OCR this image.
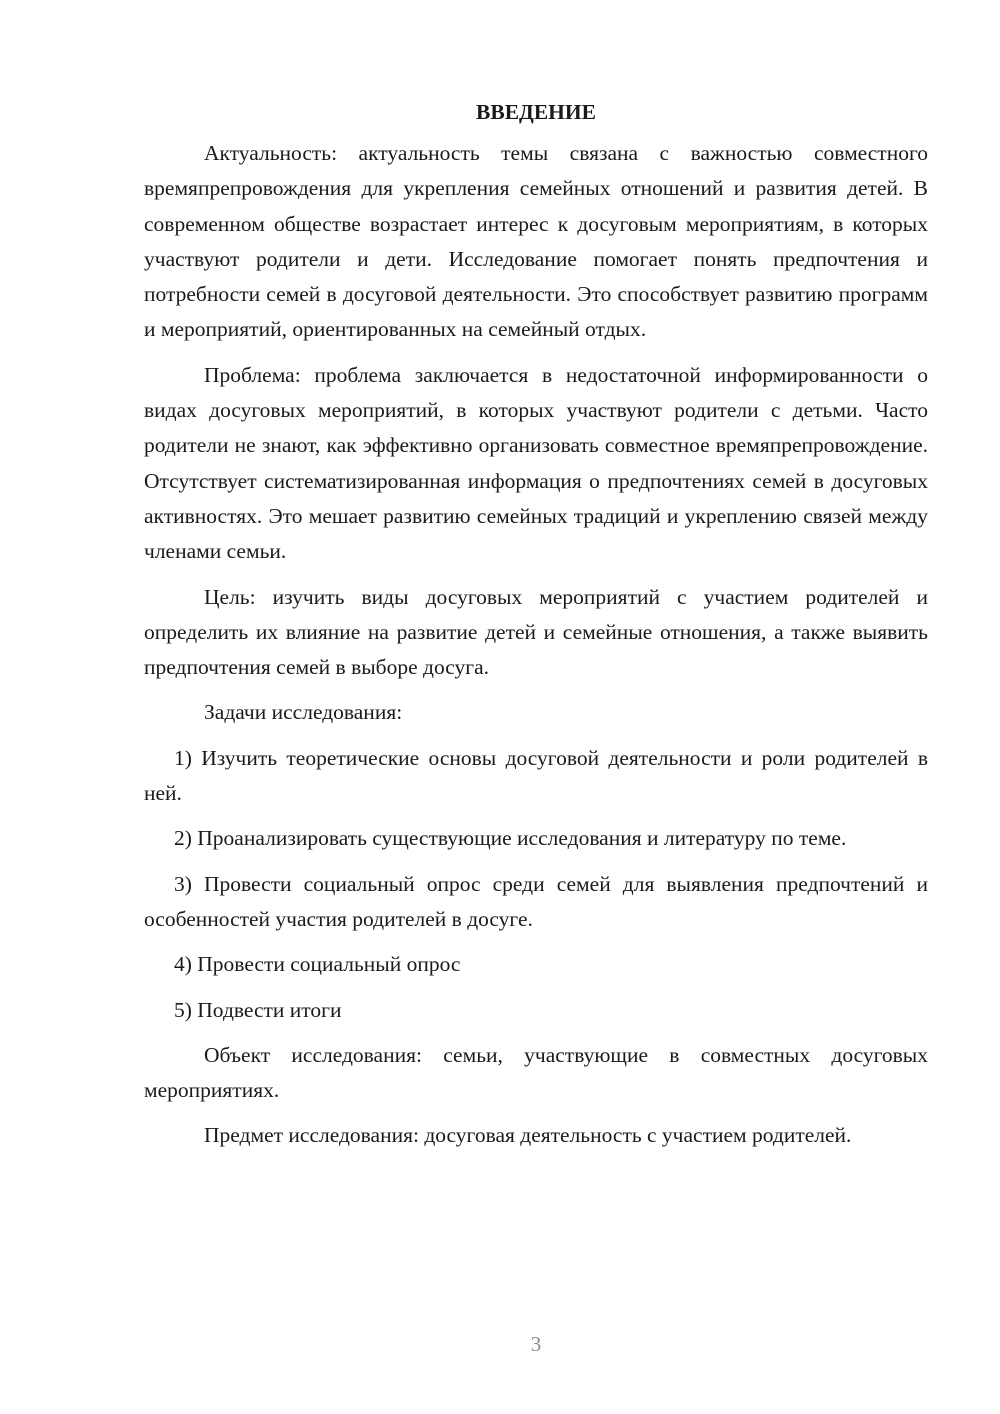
ВВЕДЕНИЕ

Актуальность: актуальность темы связана с важностью совместного времяпрепровождения для укрепления семейных отношений и развития детей. В современном обществе возрастает интерес к досуговым мероприятиям, в которых участвуют родители и дети. Исследование помогает понять предпочтения и потребности семей в досуговой деятельности. Это способствует развитию программ и мероприятий, ориентированных на семейный отдых.

Проблема: проблема заключается в недостаточной информированности о видах досуговых мероприятий, в которых участвуют родители с детьми. Часто родители не знают, как эффективно организовать совместное времяпрепровождение. Отсутствует систематизированная информация о предпочтениях семей в досуговых активностях. Это мешает развитию семейных традиций и укреплению связей между членами семьи.

Цель: изучить виды досуговых мероприятий с участием родителей и определить их влияние на развитие детей и семейные отношения, а также выявить предпочтения семей в выборе досуга.

Задачи исследования:

1) Изучить теоретические основы досуговой деятельности и роли родителей в ней.

2) Проанализировать существующие исследования и литературу по теме.

3) Провести социальный опрос среди семей для выявления предпочтений и особенностей участия родителей в досуге.

4) Провести социальный опрос

5) Подвести итоги

Объект исследования: семьи, участвующие в совместных досуговых мероприятиях.

Предмет исследования: досуговая деятельность с участием родителей.

3
